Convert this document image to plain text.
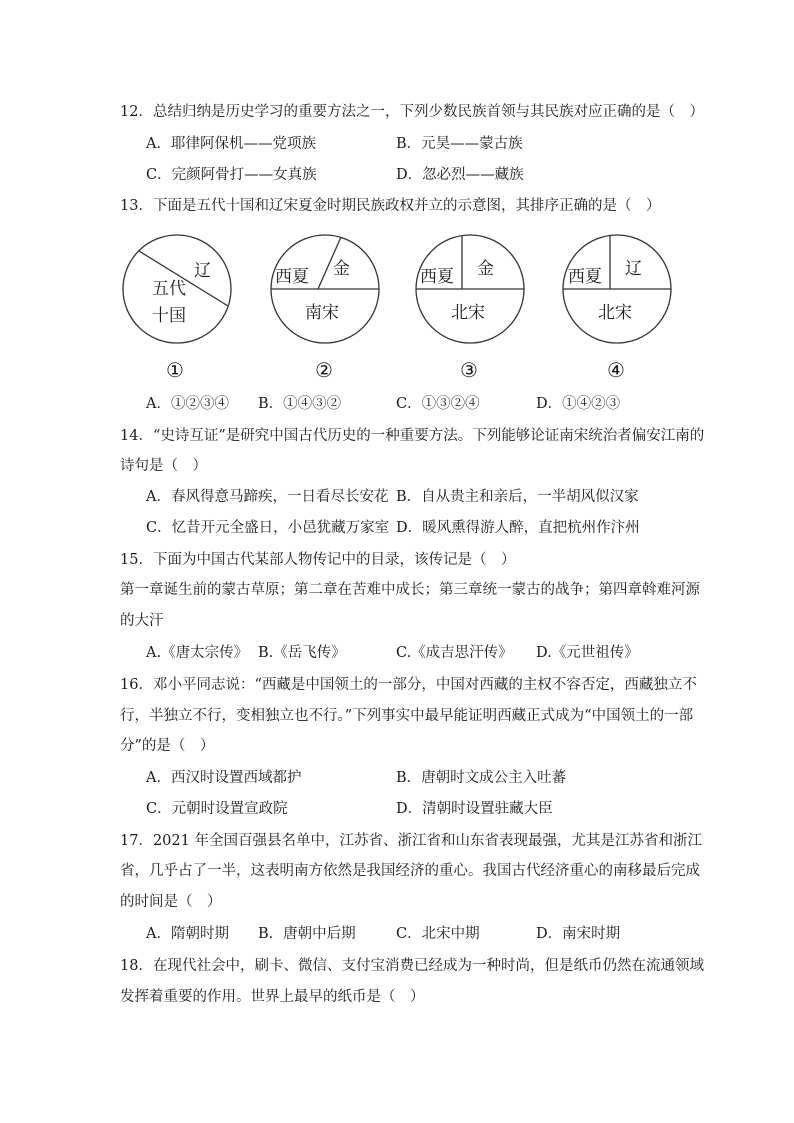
12．总结归纳是历史学习的重要方法之一，下列少数民族首领与其民族对应正确的是（　）
A．耶律阿保机——党项族	B．元昊——蒙古族
C．完颜阿骨打——女真族	D．忽必烈——藏族
13．下面是五代十国和辽宋夏金时期民族政权并立的示意图，其排序正确的是（　）
辽
五代
十国
①
西夏 金
南宋
②
西夏 金
北宋
③
西夏 辽
北宋
④
A．①②③④ B．①④③②	C．①③②④	D．①④②③
14．“史诗互证”是研究中国古代历史的一种重要方法。下列能够论证南宋统治者偏安江南的
诗句是（　）
A．春风得意马蹄疾，一日看尽长安花 B．自从贵主和亲后，一半胡风似汉家
C．忆昔开元全盛日，小邑犹藏万家室 D．暖风熏得游人醉，直把杭州作汴州
15．下面为中国古代某部人物传记中的目录，该传记是（　）
第一章诞生前的蒙古草原；第二章在苦难中成长；第三章统一蒙古的战争；第四章斡难河源
的大汗
A.《唐太宗传》 B.《岳飞传》	C.《成吉思汗传》 D.《元世祖传》
16．邓小平同志说：“西藏是中国领土的一部分，中国对西藏的主权不容否定，西藏独立不
行，半独立不行，变相独立也不行。”下列事实中最早能证明西藏正式成为“中国领土的一部
分”的是（　）
A．西汉时设置西域都护	B．唐朝时文成公主入吐蕃
C．元朝时设置宣政院	D．清朝时设置驻藏大臣
17．2021 年全国百强县名单中，江苏省、浙江省和山东省表现最强，尤其是江苏省和浙江
省，几乎占了一半，这表明南方依然是我国经济的重心。我国古代经济重心的南移最后完成
的时间是（　）
A．隋朝时期 B．唐朝中后期	C．北宋中期	D．南宋时期
18．在现代社会中，刷卡、微信、支付宝消费已经成为一种时尚，但是纸币仍然在流通领域
发挥着重要的作用。世界上最早的纸币是（　）
